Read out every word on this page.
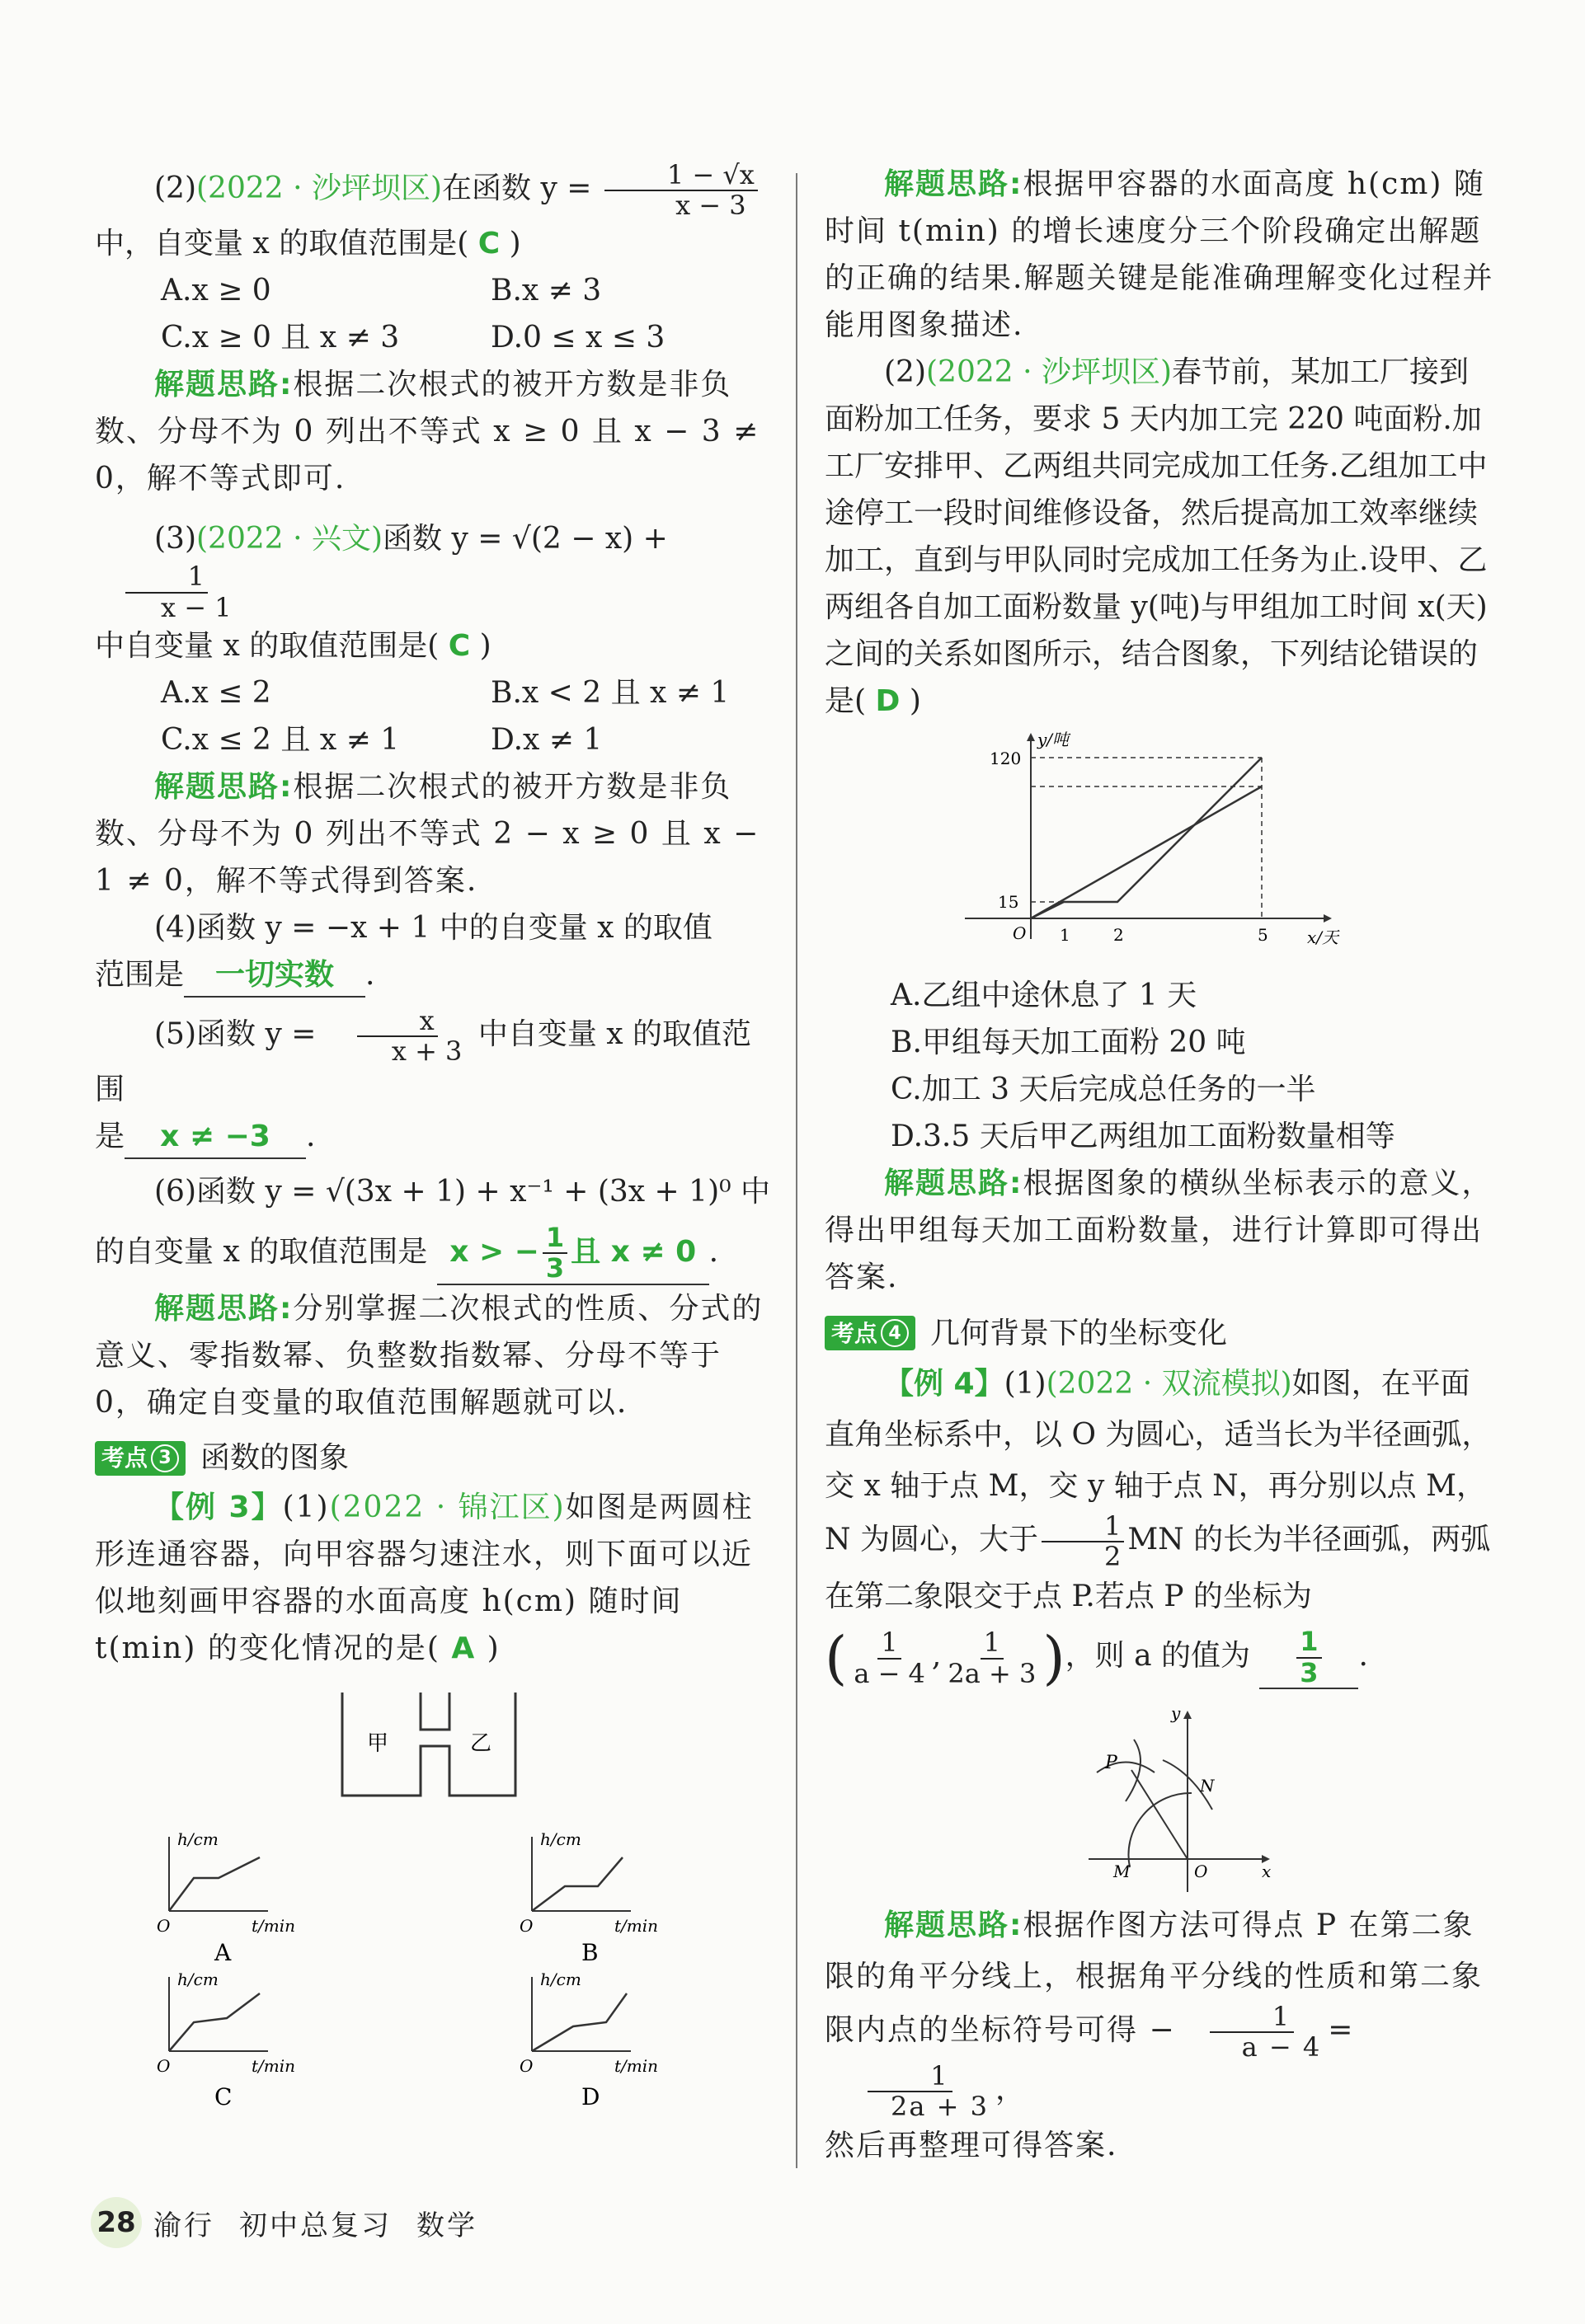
(2)(2022 · 沙坪坝区)在函数 $y = \frac{1 - √x}{x - 3}$

中，自变量 x 的取值范围是( C )

A.x ≥ 0	B.x ≠ 3
C.x ≥ 0 且 x ≠ 3	D.0 ≤ x ≤ 3

解题思路:根据二次根式的被开方数是非负数、分母不为 0 列出不等式 x ≥ 0 且 x − 3 ≠ 0，解不等式即可.

(3)(2022 · 兴文)函数 y = √(2 − x) +
$\frac{1}{x - 1}$

中自变量 x 的取值范围是( C )

A.x ≤ 2	B.x < 2 且 x ≠ 1
C.x ≤ 2 且 x ≠ 1	D.x ≠ 1

解题思路:根据二次根式的被开方数是非负数、分母不为 0 列出不等式 2 − x ≥ 0 且 x − 1 ≠ 0，解不等式得到答案.

(4)函数 y = −x + 1 中的自变量 x 的取值

范围是 一切实数 .

(5)函数 $y = \frac{x}{x + 3}$ 中自变量 x 的取值范围

是 x ≠ −3 .

(6)函数 y = √(3x + 1) + x⁻¹ + (3x + 1)⁰ 中

的自变量 x 的取值范围是 x > − $\frac{1}{3}$ 且 x ≠ 0 .

解题思路:分别掌握二次根式的性质、分式的意义、零指数幂、负整数指数幂、分母不等于 0，确定自变量的取值范围解题就可以.

考点 3 函数的图象

【例 3】(1)(2022 · 锦江区)如图是两圆柱形连通容器，向甲容器匀速注水，则下面可以近似地刻画甲容器的水面高度 h(cm) 随时间 t(min) 的变化情况的是( A )

甲	乙
h/cm
t/min
O
A
h/cm
t/min
O
B
h/cm
t/min
O
C
h/cm
t/min
O
D

解题思路:根据甲容器的水面高度 h(cm) 随时间 t(min) 的增长速度分三个阶段确定出解题的正确的结果.解题关键是能准确理解变化过程并能用图象描述.

(2)(2022 · 沙坪坝区)春节前，某加工厂接到面粉加工任务，要求 5 天内加工完 220 吨面粉.加工厂安排甲、乙两组共同完成加工任务.乙组加工中途停工一段时间维修设备，然后提高加工效率继续加工，直到与甲队同时完成加工任务为止.设甲、乙两组各自加工面粉数量 y(吨)与甲组加工时间 x(天)之间的关系如图所示，结合图象，下列结论错误的是( D )

y/吨
x/天
O
120
15
1	2	5

A.乙组中途休息了 1 天

B.甲组每天加工面粉 20 吨

C.加工 3 天后完成总任务的一半

D.3.5 天后甲乙两组加工面粉数量相等

解题思路:根据图象的横纵坐标表示的意义，得出甲组每天加工面粉数量，进行计算即可得出答案.

考点 4 几何背景下的坐标变化

【例 4】(1)(2022 · 双流模拟)如图，在平面直角坐标系中，以 O 为圆心，适当长为半径画弧，交 x 轴于点 M，交 y 轴于点 N，再分别以点 M，N 为圆心，大于 $\frac{1}{2}$ MN 的长为半径画弧，两弧在第二象限交于点 P.若点 P 的坐标为

( $\frac{1}{a - 4}$ , $\frac{1}{2a + 3}$ )，则 a 的值为 $\frac{1}{3}$ .

P
N
M	O	x
y

解题思路:根据作图方法可得点 P 在第二象限的角平分线上，根据角平分线的性质和第二象限内点的坐标符号可得 − $\frac{1}{a - 4}$ =
$\frac{1}{2a + 3}$ ，

然后再整理可得答案.

28 渝行 初中总复习 数学
